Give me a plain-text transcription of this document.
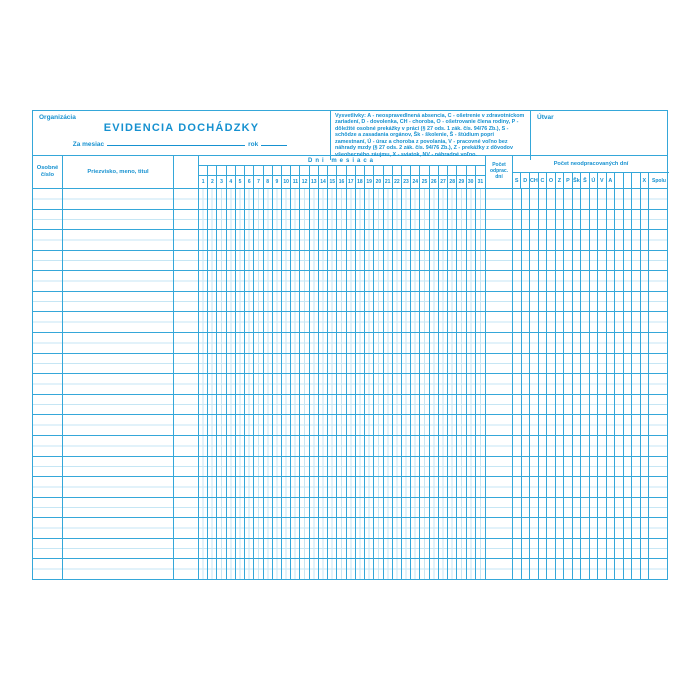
Organizácia
EVIDENCIA DOCHÁDZKY
Za mesiac	rok
Vysvetlivky: A - neospravedlnená absencia, C - ošetrenie v zdravotníckom zariadení, D - dovolenka, CH - choroba, O - ošetrovanie člena rodiny, P - dôležité osobné prekážky v práci (§ 27 ods. 1 zák. čís. 94/76 Zb.), S - schôdze a zasadania orgánov, Šk - školenie, Š - štúdium popri zamestnaní, Ú - úraz a choroba z povolania, V - pracovné voľno bez náhrady mzdy (§ 27 ods. 2 zák. čís. 94/76 Zb.), Z - prekážky z dôvodov všeobecného záujmu, X - sviatok, NV - náhradné voľno.
Útvar
Osobné číslo
Priezvisko, meno, titul
Dni mesiaca
1	2	3	4	5	6	7	8	9	10 11 12 13 14 15 16 17 18 19 20 21 22 23 24 25 26 27 28 29 30 31
Počet odprac. dní
Počet neodpracovaných dní
S D CH C O Z P Šk Š Ú V A	X	Spolu
